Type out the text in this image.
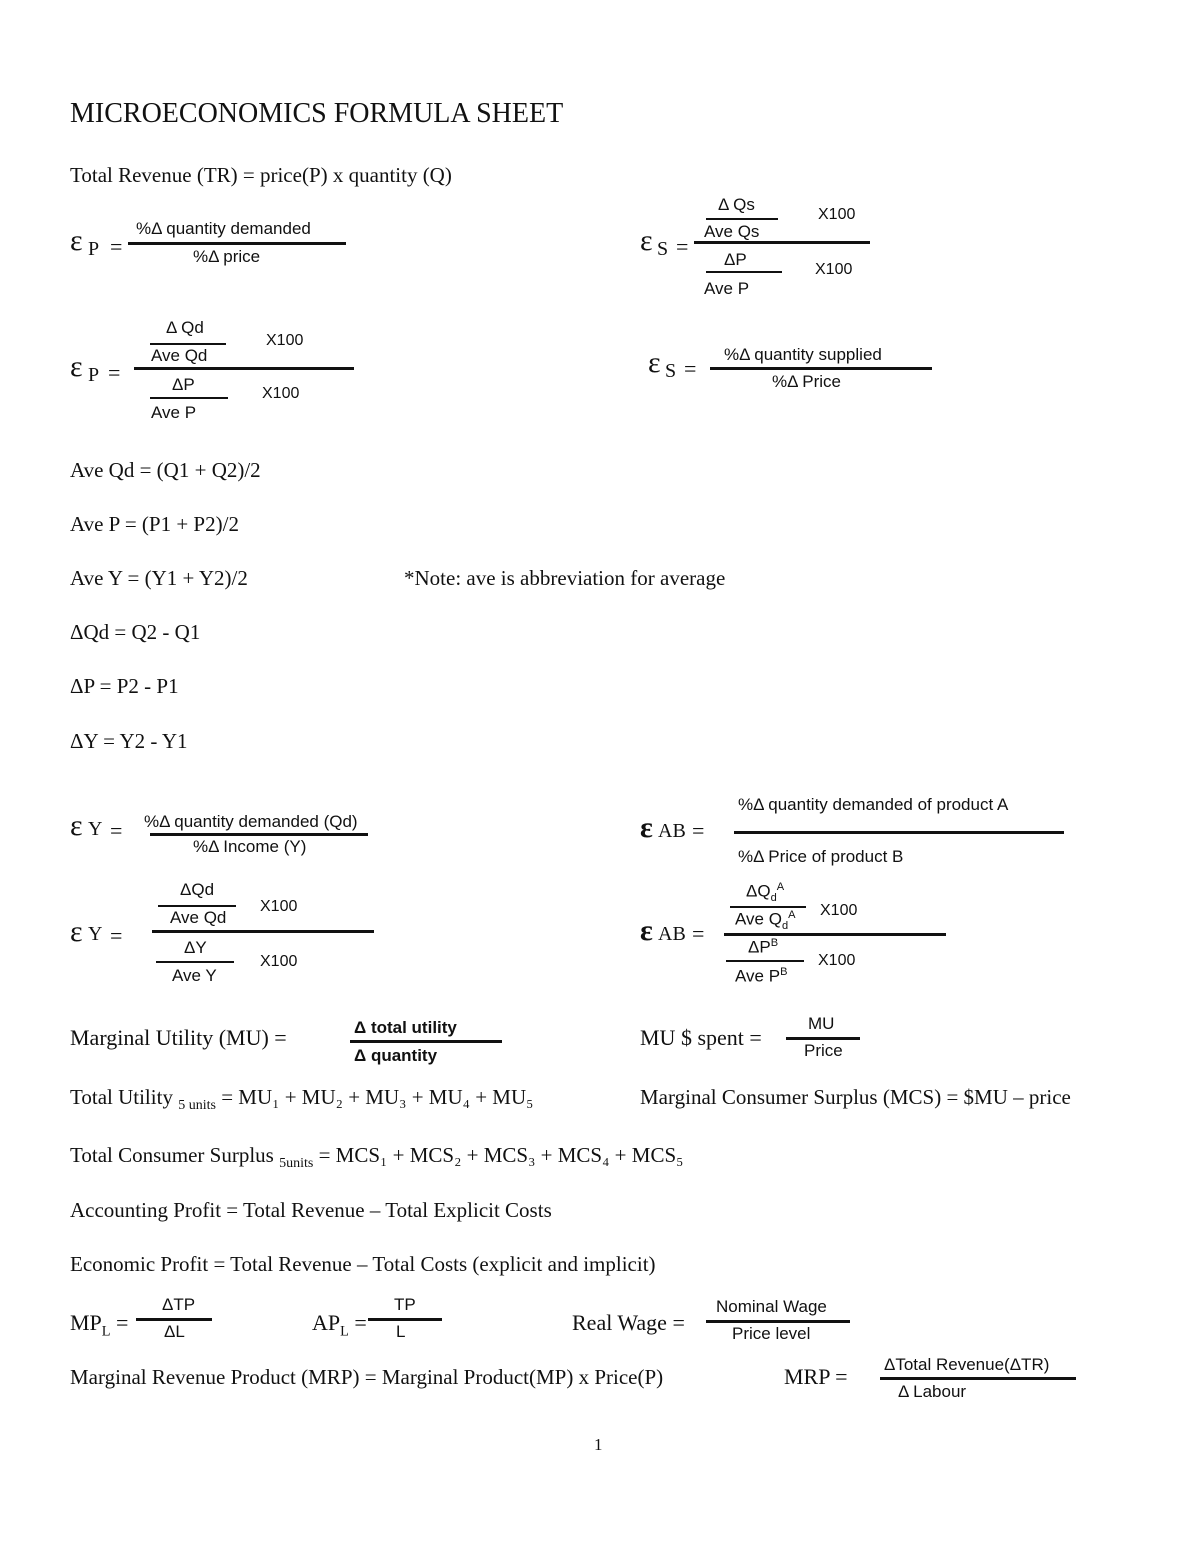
MICROECONOMICS FORMULA SHEET
Total Revenue (TR) = price(P) x quantity (Q)
ε P =
%Δ quantity demanded
%Δ price	ε S =
Δ Qs
Ave Qs
X100
ΔP
Ave P
X100
ε P =
Δ Qd
Ave Qd
X100
ΔP
Ave P
X100
ε S =
%Δ quantity supplied
%Δ Price
Ave Qd = (Q1 + Q2)/2
Ave P = (P1 + P2)/2
Ave Y = (Y1 + Y2)/2	*Note: ave is abbreviation for average
ΔQd = Q2 - Q1
ΔP = P2 - P1
ΔY = Y2 - Y1
ε Y = %Δ quantity demanded (Qd)
%Δ Income (Y)
ε AB =
%Δ quantity demanded of product A
%Δ Price of product B
ε Y =
ΔQd
Ave Qd
X100
ΔY
Ave Y
X100
ε AB =
$\Delta Q_d^A$
Ave $Q_d^A$ X100
$\Delta P^B$
Ave $P^B$
X100
Marginal Utility (MU) =	Δ total utility
Δ quantity
MU $ spent =
MU
Price
Total Utility $_{5 units}$ = MU₁ + MU₂ + MU₃ + MU₄ + MU₅	Marginal Consumer Surplus (MCS) = $MU – price
Total Consumer Surplus $_{5units}$ = MCS₁ + MCS₂ + MCS₃ + MCS₄ + MCS₅
Accounting Profit = Total Revenue – Total Explicit Costs
Economic Profit = Total Revenue – Total Costs (explicit and implicit)
$MP_L$ =
ΔTP
ΔL	$AP_L$ =
TP
L	Real Wage =
Nominal Wage
Price level
Marginal Revenue Product (MRP) = Marginal Product(MP) x Price(P)	MRP = ΔTotal Revenue(ΔTR)
Δ Labour
1
